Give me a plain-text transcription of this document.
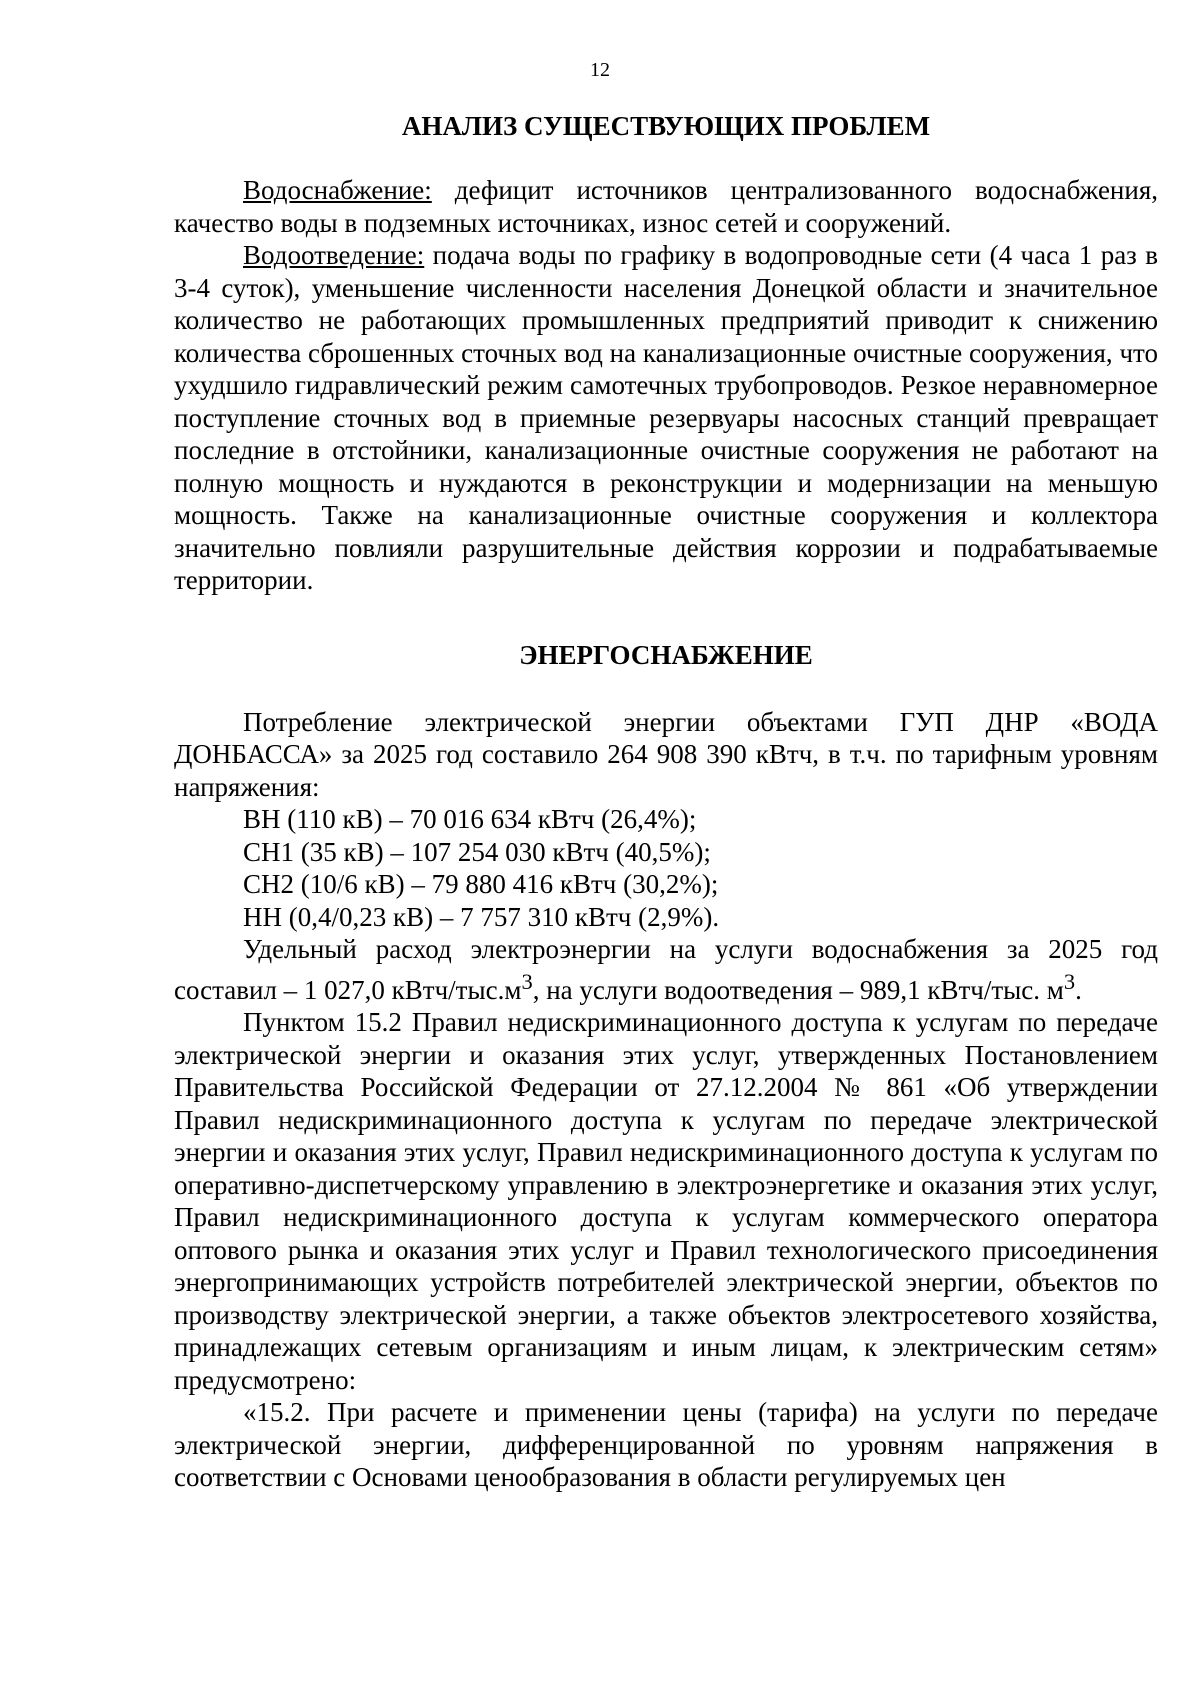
12
АНАЛИЗ СУЩЕСТВУЮЩИХ ПРОБЛЕМ

Водоснабжение: дефицит источников централизованного водоснабжения, качество воды в подземных источниках, износ сетей и сооружений.

Водоотведение: подача воды по графику в водопроводные сети (4 часа 1 раз в 3-4 суток), уменьшение численности населения Донецкой области и значительное количество не работающих промышленных предприятий приводит к снижению количества сброшенных сточных вод на канализационные очистные сооружения, что ухудшило гидравлический режим самотечных трубопроводов. Резкое неравномерное поступление сточных вод в приемные резервуары насосных станций превращает последние в отстойники, канализационные очистные сооружения не работают на полную мощность и нуждаются в реконструкции и модернизации на меньшую мощность. Также на канализационные очистные сооружения и коллектора значительно повлияли разрушительные действия коррозии и подрабатываемые территории.

ЭНЕРГОСНАБЖЕНИЕ

Потребление электрической энергии объектами ГУП ДНР «ВОДА ДОНБАССА» за 2025 год составило 264 908 390 кВтч, в т.ч. по тарифным уровням напряжения:

ВН (110 кВ) – 70 016 634 кВтч (26,4%);
СН1 (35 кВ) – 107 254 030 кВтч (40,5%);
СН2 (10/6 кВ) – 79 880 416 кВтч (30,2%);
НН (0,4/0,23 кВ) – 7 757 310 кВтч (2,9%).

Удельный расход электроэнергии на услуги водоснабжения за 2025 год составил – 1 027,0 кВтч/$тыс.м^3$, на услуги водоотведения – 989,1 кВтч/тыс. $м^3$.

Пунктом 15.2 Правил недискриминационного доступа к услугам по передаче электрической энергии и оказания этих услуг, утвержденных Постановлением Правительства Российской Федерации от 27.12.2004 № 861 «Об утверждении Правил недискриминационного доступа к услугам по передаче электрической энергии и оказания этих услуг, Правил недискриминационного доступа к услугам по оперативно-диспетчерскому управлению в электроэнергетике и оказания этих услуг, Правил недискриминационного доступа к услугам коммерческого оператора оптового рынка и оказания этих услуг и Правил технологического присоединения энергопринимающих устройств потребителей электрической энергии, объектов по производству электрической энергии, а также объектов электросетевого хозяйства, принадлежащих сетевым организациям и иным лицам, к электрическим сетям» предусмотрено:

«15.2. При расчете и применении цены (тарифа) на услуги по передаче электрической энергии, дифференцированной по уровням напряжения в соответствии с Основами ценообразования в области регулируемых цен
